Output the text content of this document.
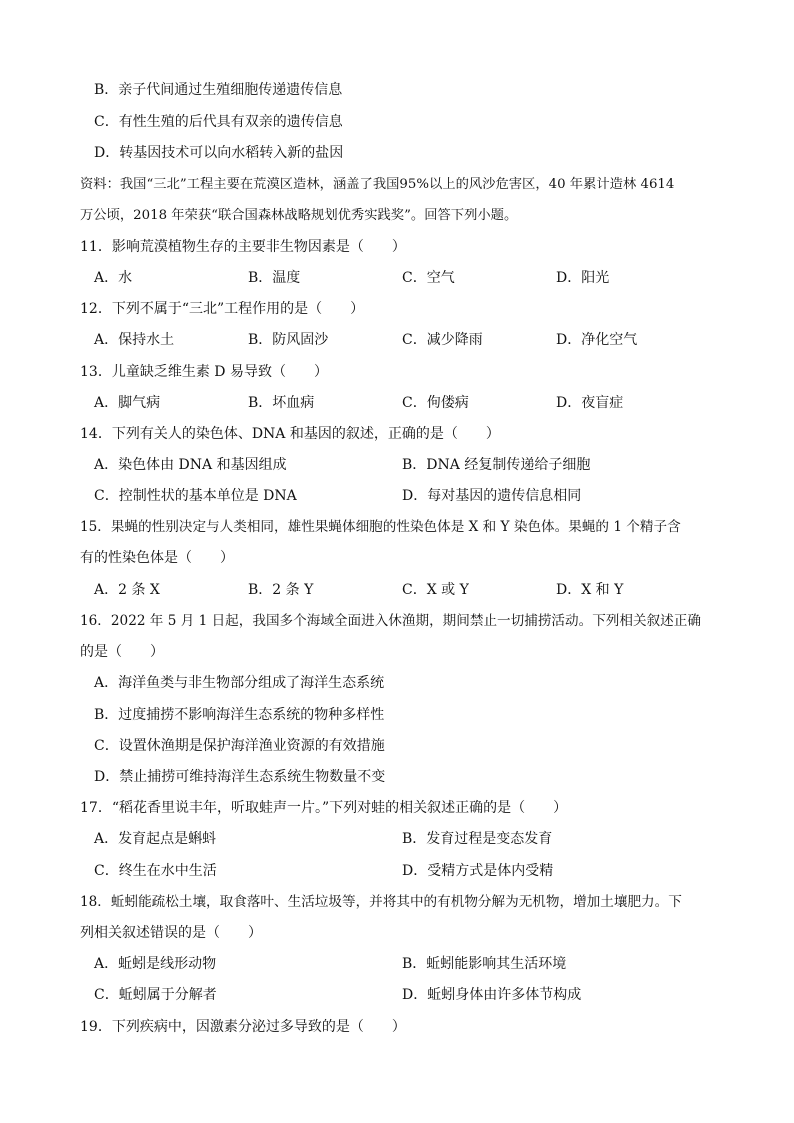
B．亲子代间通过生殖细胞传递遗传信息
C．有性生殖的后代具有双亲的遗传信息
D．转基因技术可以向水稻转入新的盐因
资料：我国“三北”工程主要在荒漠区造林，涵盖了我国95%以上的风沙危害区，40 年累计造林 4614
万公顷，2018 年荣获“联合国森林战略规划优秀实践奖”。回答下列小题。
11．影响荒漠植物生存的主要非生物因素是（　　）
A．水	B．温度	C．空气	D．阳光
12．下列不属于“三北”工程作用的是（　　）
A．保持水土	B．防风固沙	C．减少降雨	D．净化空气
13．儿童缺乏维生素 D 易导致（　　）
A．脚气病	B．坏血病	C．佝偻病	D．夜盲症
14．下列有关人的染色体、DNA 和基因的叙述，正确的是（　　）
A．染色体由 DNA 和基因组成	B．DNA 经复制传递给子细胞
C．控制性状的基本单位是 DNA	D．每对基因的遗传信息相同
15．果蝇的性别决定与人类相同，雄性果蝇体细胞的性染色体是 X 和 Y 染色体。果蝇的 1 个精子含
有的性染色体是（　　）
A．2 条 X	B．2 条 Y	C．X 或 Y	D．X 和 Y
16．2022 年 5 月 1 日起，我国多个海域全面进入休渔期，期间禁止一切捕捞活动。下列相关叙述正确
的是（　　）
A．海洋鱼类与非生物部分组成了海洋生态系统
B．过度捕捞不影响海洋生态系统的物种多样性
C．设置休渔期是保护海洋渔业资源的有效措施
D．禁止捕捞可维持海洋生态系统生物数量不变
17．“稻花香里说丰年，听取蛙声一片。”下列对蛙的相关叙述正确的是（　　）
A．发育起点是蝌蚪	B．发育过程是变态发育
C．终生在水中生活	D．受精方式是体内受精
18．蚯蚓能疏松土壤，取食落叶、生活垃圾等，并将其中的有机物分解为无机物，增加土壤肥力。下
列相关叙述错误的是（　　）
A．蚯蚓是线形动物	B．蚯蚓能影响其生活环境
C．蚯蚓属于分解者	D．蚯蚓身体由许多体节构成
19．下列疾病中，因激素分泌过多导致的是（　　）
